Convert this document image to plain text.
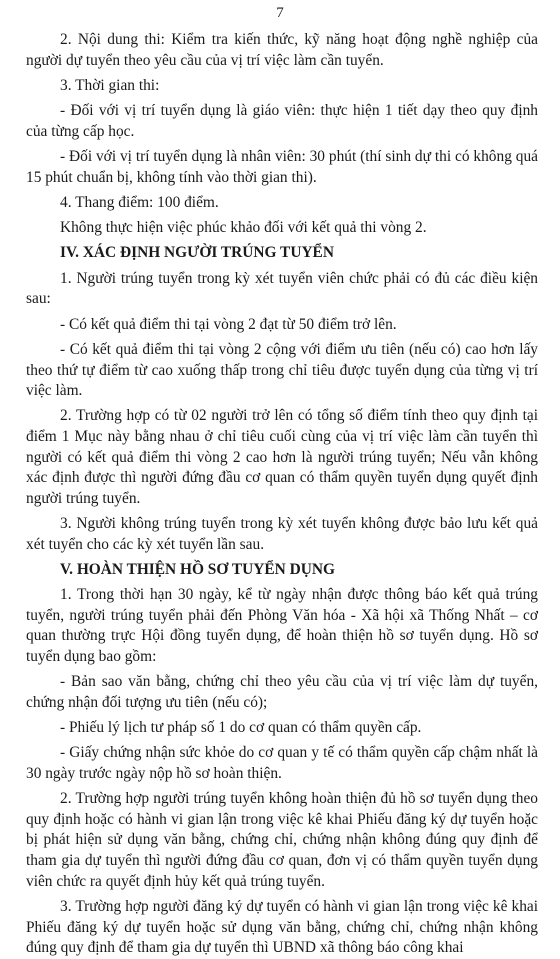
7

2. Nội dung thi: Kiểm tra kiến thức, kỹ năng hoạt động nghề nghiệp của người dự tuyển theo yêu cầu của vị trí việc làm cần tuyển.

3. Thời gian thi:

- Đối với vị trí tuyển dụng là giáo viên: thực hiện 1 tiết dạy theo quy định của từng cấp học.

- Đối với vị trí tuyển dụng là nhân viên: 30 phút (thí sinh dự thi có không quá 15 phút chuẩn bị, không tính vào thời gian thi).

4. Thang điểm: 100 điểm.

Không thực hiện việc phúc khảo đối với kết quả thi vòng 2.

IV. XÁC ĐỊNH NGƯỜI TRÚNG TUYỂN

1. Người trúng tuyển trong kỳ xét tuyển viên chức phải có đủ các điều kiện sau:

- Có kết quả điểm thi tại vòng 2 đạt từ 50 điểm trở lên.

- Có kết quả điểm thi tại vòng 2 cộng với điểm ưu tiên (nếu có) cao hơn lấy theo thứ tự điểm từ cao xuống thấp trong chỉ tiêu được tuyển dụng của từng vị trí việc làm.

2. Trường hợp có từ 02 người trở lên có tổng số điểm tính theo quy định tại điểm 1 Mục này bằng nhau ở chỉ tiêu cuối cùng của vị trí việc làm cần tuyển thì người có kết quả điểm thi vòng 2 cao hơn là người trúng tuyển; Nếu vẫn không xác định được thì người đứng đầu cơ quan có thẩm quyền tuyển dụng quyết định người trúng tuyển.

3. Người không trúng tuyển trong kỳ xét tuyển không được bảo lưu kết quả xét tuyển cho các kỳ xét tuyển lần sau.

V. HOÀN THIỆN HỒ SƠ TUYỂN DỤNG

1. Trong thời hạn 30 ngày, kể từ ngày nhận được thông báo kết quả trúng tuyển, người trúng tuyển phải đến Phòng Văn hóa - Xã hội xã Thống Nhất – cơ quan thường trực Hội đồng tuyển dụng, để hoàn thiện hồ sơ tuyển dụng. Hồ sơ tuyển dụng bao gồm:

- Bản sao văn bằng, chứng chỉ theo yêu cầu của vị trí việc làm dự tuyển, chứng nhận đối tượng ưu tiên (nếu có);

- Phiếu lý lịch tư pháp số 1 do cơ quan có thẩm quyền cấp.

- Giấy chứng nhận sức khỏe do cơ quan y tế có thẩm quyền cấp chậm nhất là 30 ngày trước ngày nộp hồ sơ hoàn thiện.

2. Trường hợp người trúng tuyển không hoàn thiện đủ hồ sơ tuyển dụng theo quy định hoặc có hành vi gian lận trong việc kê khai Phiếu đăng ký dự tuyển hoặc bị phát hiện sử dụng văn bằng, chứng chỉ, chứng nhận không đúng quy định để tham gia dự tuyển thì người đứng đầu cơ quan, đơn vị có thẩm quyền tuyển dụng viên chức ra quyết định hủy kết quả trúng tuyển.

3. Trường hợp người đăng ký dự tuyển có hành vi gian lận trong việc kê khai Phiếu đăng ký dự tuyển hoặc sử dụng văn bằng, chứng chỉ, chứng nhận không đúng quy định để tham gia dự tuyển thì UBND xã thông báo công khai
